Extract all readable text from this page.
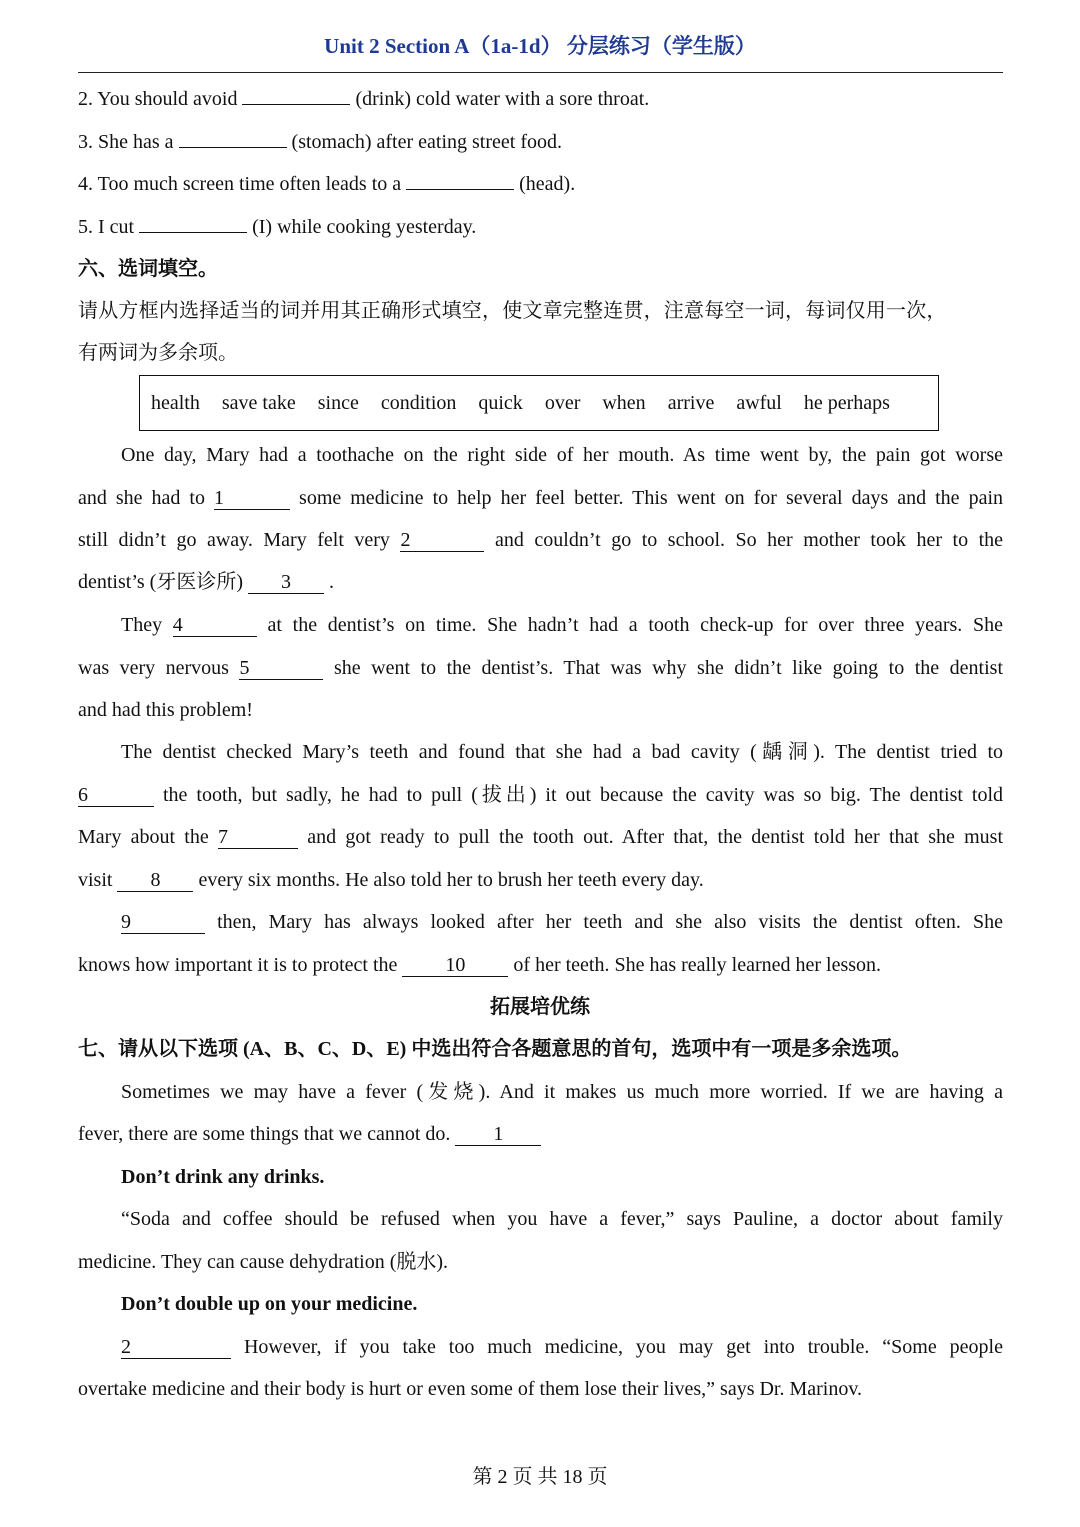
Unit 2 Section A（1a-1d） 分层练习（学生版）
2. You should avoid	(drink) cold water with a sore throat.
3. She has a	(stomach) after eating street food.
4. Too much screen time often leads to a	(head).
5. I cut	(I) while cooking yesterday.
六、选词填空。
请从方框内选择适当的词并用其正确形式填空，使文章完整连贯，注意每空一词，每词仅用一次，
有两词为多余项。
health save take since condition quick over when arrive awful he perhaps
One day, Mary had a toothache on the right side of her mouth. As time went by, the pain got worse
and she had to 1	some medicine to help her feel better. This went on for several days and the pain
still didn’t go away. Mary felt very 2	and couldn’t go to school. So her mother took her to the
dentist’s (牙医诊所) 3 .
They 4	at the dentist’s on time. She hadn’t had a tooth check-up for over three years. She
was very nervous 5	she went to the dentist’s. That was why she didn’t like going to the dentist
and had this problem!
The dentist checked Mary’s teeth and found that she had a bad cavity (龋洞). The dentist tried to
6	the tooth, but sadly, he had to pull (拔出) it out because the cavity was so big. The dentist told
Mary about the 7	and got ready to pull the tooth out. After that, the dentist told her that she must
visit 8 every six months. He also told her to brush her teeth every day.
9	then, Mary has always looked after her teeth and she also visits the dentist often. She
knows how important it is to protect the 10 of her teeth. She has really learned her lesson.
拓展培优练
七、请从以下选项 (A、B、C、D、E) 中选出符合各题意思的首句，选项中有一项是多余选项。
Sometimes we may have a fever (发烧). And it makes us much more worried. If we are having a
fever, there are some things that we cannot do. 1
Don’t drink any drinks.
“Soda and coffee should be refused when you have a fever,” says Pauline, a doctor about family
medicine. They can cause dehydration (脱水).
Don’t double up on your medicine.
2	However, if you take too much medicine, you may get into trouble. “Some people
overtake medicine and their body is hurt or even some of them lose their lives,” says Dr. Marinov.
第 2 页 共 18 页
